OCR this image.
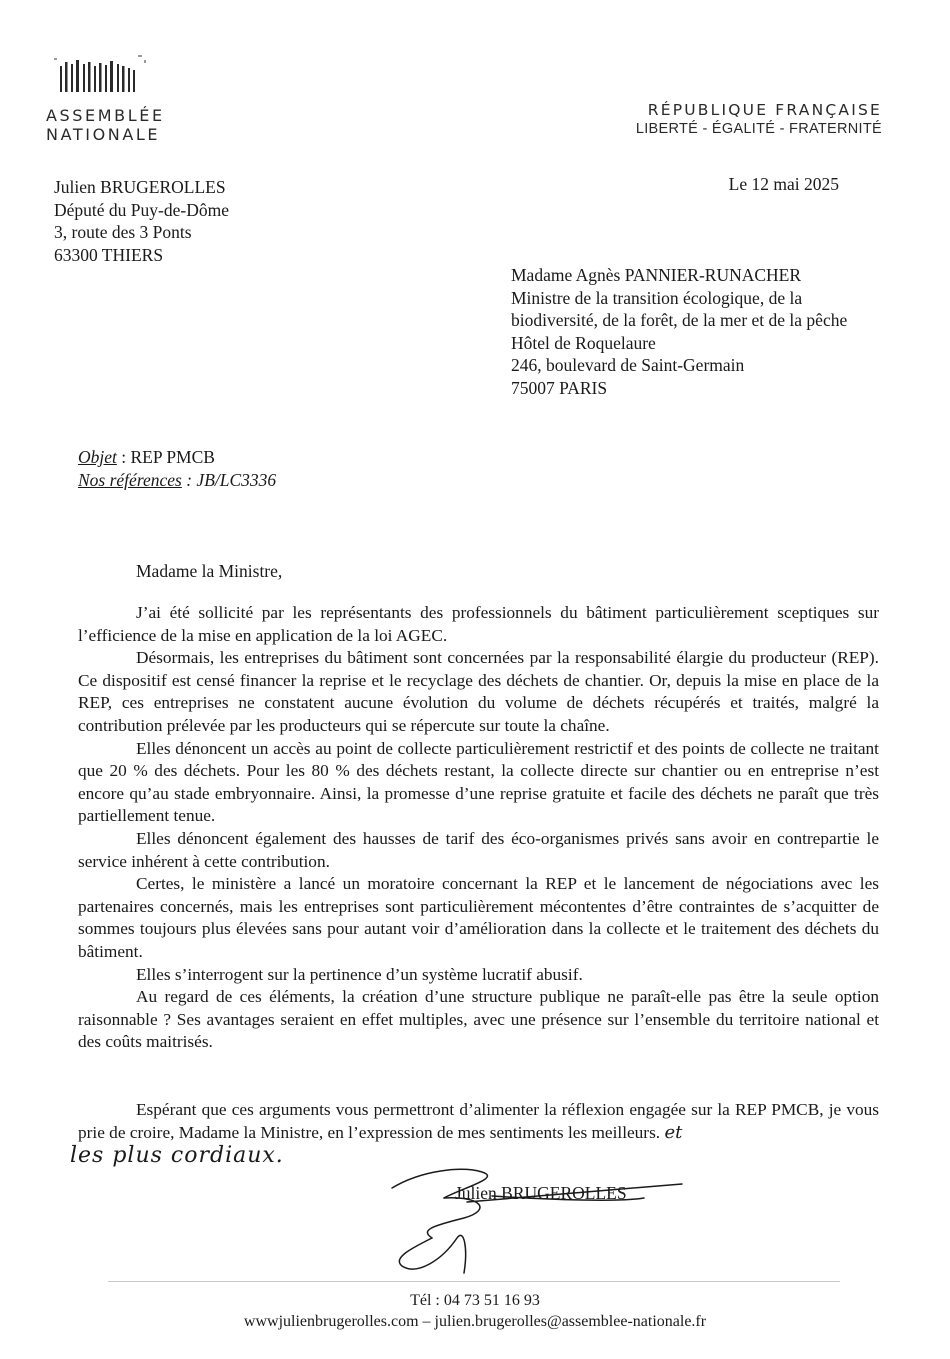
ASSEMBLÉE
NATIONALE
RÉPUBLIQUE FRANÇAISE
LIBERTÉ - ÉGALITÉ - FRATERNITÉ
Julien BRUGEROLLES
Député du Puy-de-Dôme
3, route des 3 Ponts
63300 THIERS
Le 12 mai 2025
Madame Agnès PANNIER-RUNACHER
Ministre de la transition écologique, de la biodiversité, de la forêt, de la mer et de la pêche
Hôtel de Roquelaure
246, boulevard de Saint-Germain
75007 PARIS
Objet : REP PMCB
Nos références : JB/LC3336
Madame la Ministre,

J’ai été sollicité par les représentants des professionnels du bâtiment particulièrement sceptiques sur l’efficience de la mise en application de la loi AGEC.

Désormais, les entreprises du bâtiment sont concernées par la responsabilité élargie du producteur (REP). Ce dispositif est censé financer la reprise et le recyclage des déchets de chantier. Or, depuis la mise en place de la REP, ces entreprises ne constatent aucune évolution du volume de déchets récupérés et traités, malgré la contribution prélevée par les producteurs qui se répercute sur toute la chaîne.

Elles dénoncent un accès au point de collecte particulièrement restrictif et des points de collecte ne traitant que 20 % des déchets. Pour les 80 % des déchets restant, la collecte directe sur chantier ou en entreprise n’est encore qu’au stade embryonnaire. Ainsi, la promesse d’une reprise gratuite et facile des déchets ne paraît que très partiellement tenue.

Elles dénoncent également des hausses de tarif des éco-organismes privés sans avoir en contrepartie le service inhérent à cette contribution.

Certes, le ministère a lancé un moratoire concernant la REP et le lancement de négociations avec les partenaires concernés, mais les entreprises sont particulièrement mécontentes d’être contraintes de s’acquitter de sommes toujours plus élevées sans pour autant voir d’amélioration dans la collecte et le traitement des déchets du bâtiment.

Elles s’interrogent sur la pertinence d’un système lucratif abusif.

Au regard de ces éléments, la création d’une structure publique ne paraît-elle pas être la seule option raisonnable ? Ses avantages seraient en effet multiples, avec une présence sur l’ensemble du territoire national et des coûts maitrisés.

Espérant que ces arguments vous permettront d’alimenter la réflexion engagée sur la REP PMCB, je vous prie de croire, Madame la Ministre, en l’expression de mes sentiments les meilleurs. et

les plus cordiaux.
Julien BRUGEROLLES
Tél : 04 73 51 16 93
wwwjulienbrugerolles.com – julien.brugerolles@assemblee-nationale.fr
